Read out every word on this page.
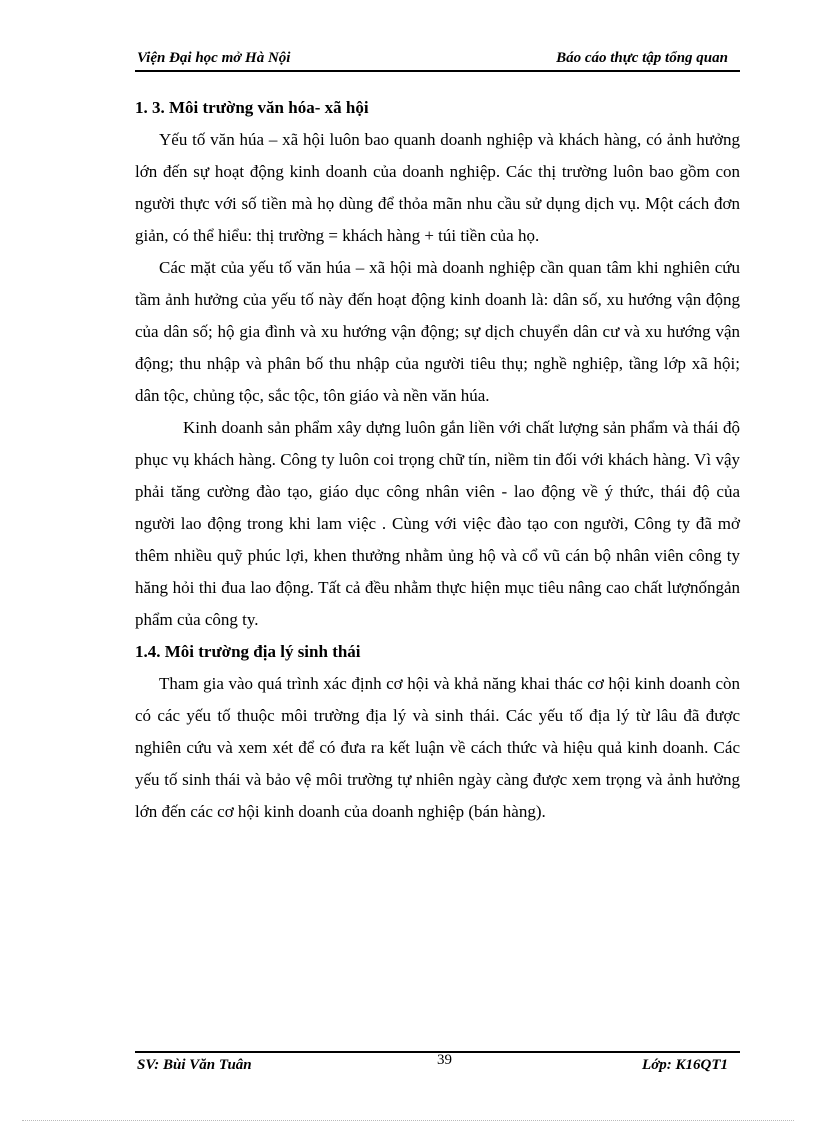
Viện Đại học mở Hà Nội	Báo cáo thực tập tổng quan

1. 3. Môi trường văn hóa- xã hội

Yếu tố văn húa – xã hội luôn bao quanh doanh nghiệp và khách hàng, có ảnh hưởng lớn đến sự hoạt động kinh doanh của doanh nghiệp. Các thị trường luôn bao gồm con người thực với số tiền mà họ dùng để thỏa mãn nhu cầu sử dụng dịch vụ. Một cách đơn giản, có thể hiểu: thị trường = khách hàng + túi tiền của họ.

Các mặt của yếu tố văn húa – xã hội mà doanh nghiệp cần quan tâm khi nghiên cứu tầm ảnh hưởng của yếu tố này đến hoạt động kinh doanh là: dân số, xu hướng vận động của dân số; hộ gia đình và xu hướng vận động; sự dịch chuyển dân cư và xu hướng vận động; thu nhập và phân bố thu nhập của người tiêu thụ; nghề nghiệp, tầng lớp xã hội; dân tộc, chủng tộc, sắc tộc, tôn giáo và nền văn húa.

Kinh doanh sản phẩm xây dựng luôn gắn liền với chất lượng sản phẩm và thái độ phục vụ khách hàng. Công ty luôn coi trọng chữ tín, niềm tin đối với khách hàng. Vì vậy phải tăng cường đào tạo, giáo dục công nhân viên - lao động về ý thức, thái độ của người lao động trong khi lam việc . Cùng với việc đào tạo con người, Công ty đã mở thêm nhiều quỹ phúc lợi, khen thưởng nhằm ủng hộ và cổ vũ cán bộ nhân viên công ty hăng hỏi thi đua lao động. Tất cả đều nhằm thực hiện mục tiêu nâng cao chất lượnốngản phẩm của công ty.

1.4. Môi trường địa lý sinh thái

Tham gia vào quá trình xác định cơ hội và khả năng khai thác cơ hội kinh doanh còn có các yếu tố thuộc môi trường địa lý và sinh thái. Các yếu tố địa lý từ lâu đã được nghiên cứu và xem xét để có đưa ra kết luận về cách thức và hiệu quả kinh doanh. Các yếu tố sinh thái và bảo vệ môi trường tự nhiên ngày càng được xem trọng và ảnh hưởng lớn đến các cơ hội kinh doanh của doanh nghiệp (bán hàng).

SV: Bùi Văn Tuân	39	Lớp: K16QT1
